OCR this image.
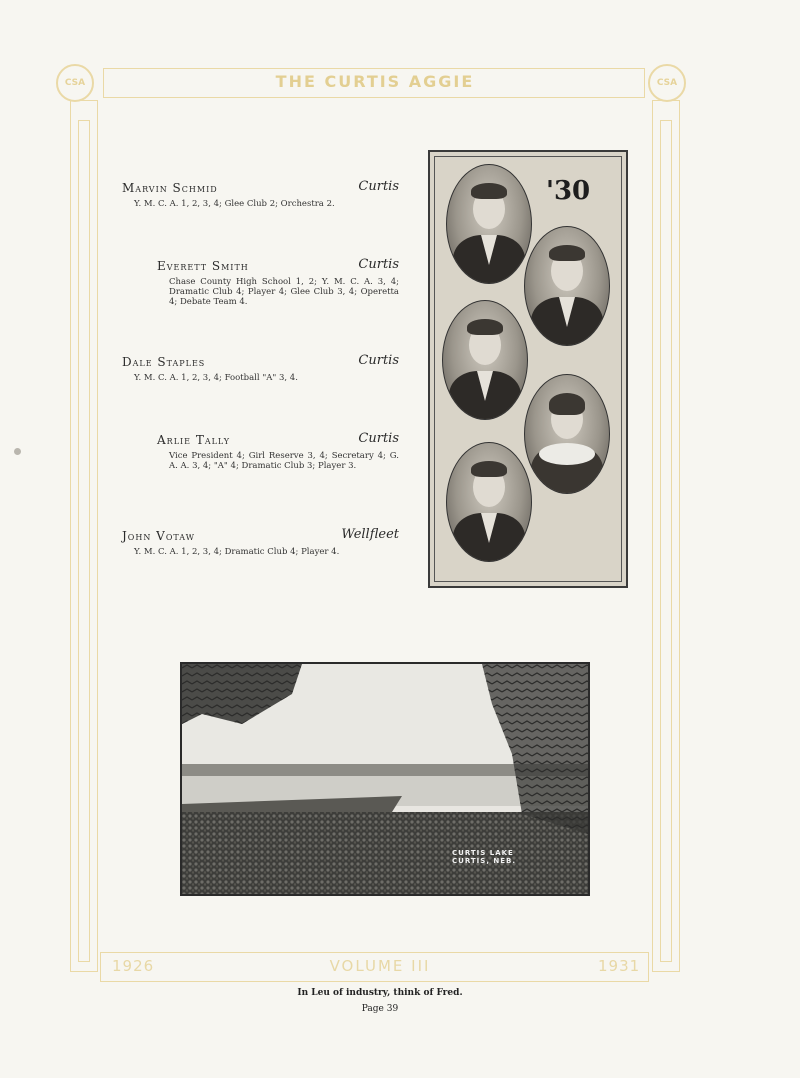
CSA	CSA
THE CURTIS AGGIE
Marvin Schmid	Curtis
Y. M. C. A. 1, 2, 3, 4; Glee Club 2; Orchestra 2.
Everett Smith	Curtis
Chase County High School 1, 2; Y. M. C. A. 3, 4; Dramatic Club 4; Player 4; Glee Club 3, 4; Operetta 4; Debate Team 4.
Dale Staples	Curtis
Y. M. C. A. 1, 2, 3, 4; Football "A" 3, 4.
Arlie Tally	Curtis
Vice President 4; Girl Reserve 3, 4; Secretary 4; G. A. A. 3, 4; "A" 4; Dramatic Club 3; Player 3.
John Votaw	Wellfleet
Y. M. C. A. 1, 2, 3, 4; Dramatic Club 4; Player 4.
'30
CURTIS LAKE
CURTIS, NEB.
1926	VOLUME III	1931
In Leu of industry, think of Fred.
Page 39
